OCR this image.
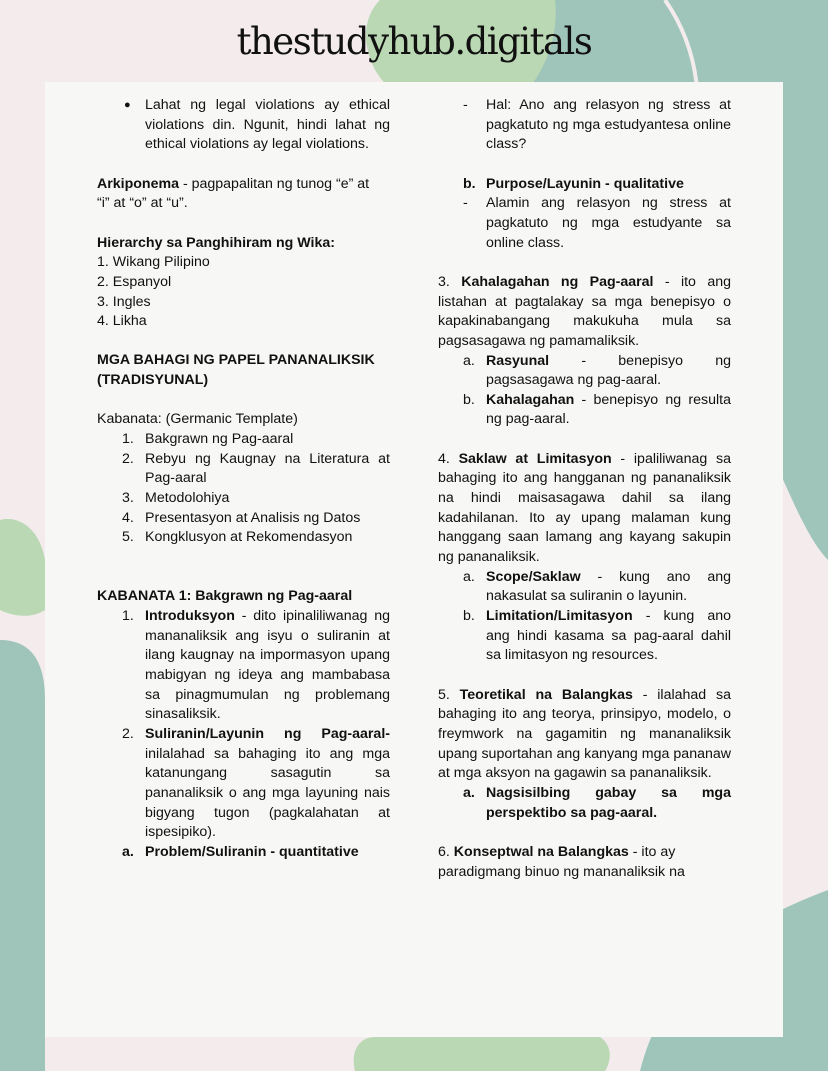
thestudyhub.digitals
● Lahat ng legal violations ay ethical violations din. Ngunit, hindi lahat ng ethical violations ay legal violations.
Arkiponema - pagpapalitan ng tunog “e” at “i” at “o” at “u”.
Hierarchy sa Panghihiram ng Wika:
1. Wikang Pilipino
2. Espanyol
3. Ingles
4. Likha
MGA BAHAGI NG PAPEL PANANALIKSIK (TRADISYUNAL)
Kabanata: (Germanic Template)
1. Bakgrawn ng Pag-aaral
2. Rebyu ng Kaugnay na Literatura at Pag-aaral
3. Metodolohiya
4. Presentasyon at Analisis ng Datos
5. Kongklusyon at Rekomendasyon
KABANATA 1: Bakgrawn ng Pag-aaral
1. Introduksyon - dito ipinaliliwanag ng mananaliksik ang isyu o suliranin at ilang kaugnay na impormasyon upang mabigyan ng ideya ang mambabasa sa pinagmumulan ng problemang sinasaliksik.
2. Suliranin/Layunin ng Pag-aaral- inilalahad sa bahaging ito ang mga katanungang sasagutin sa pananaliksik o ang mga layuning nais bigyang tugon (pagkalahatan at ispesipiko).
a. Problem/Suliranin - quantitative
- Hal: Ano ang relasyon ng stress at pagkatuto ng mga estudyantesa online class?
b. Purpose/Layunin - qualitative
- Alamin ang relasyon ng stress at pagkatuto ng mga estudyante sa online class.
3. Kahalagahan ng Pag-aaral - ito ang listahan at pagtalakay sa mga benepisyo o kapakinabangang makukuha mula sa pagsasagawa ng pamamaliksik.
a. Rasyunal - benepisyo ng pagsasagawa ng pag-aaral.
b. Kahalagahan - benepisyo ng resulta ng pag-aaral.
4. Saklaw at Limitasyon - ipaliliwanag sa bahaging ito ang hangganan ng pananaliksik na hindi maisasagawa dahil sa ilang kadahilanan. Ito ay upang malaman kung hanggang saan lamang ang kayang sakupin ng pananaliksik.
a. Scope/Saklaw - kung ano ang nakasulat sa suliranin o layunin.
b. Limitation/Limitasyon - kung ano ang hindi kasama sa pag-aaral dahil sa limitasyon ng resources.
5. Teoretikal na Balangkas - ilalahad sa bahaging ito ang teorya, prinsipyo, modelo, o freymwork na gagamitin ng mananaliksik upang suportahan ang kanyang mga pananaw at mga aksyon na gagawin sa pananaliksik.
a. Nagsisilbing gabay sa mga perspektibo sa pag-aaral.
6. Konseptwal na Balangkas - ito ay paradigmang binuo ng mananaliksik na
